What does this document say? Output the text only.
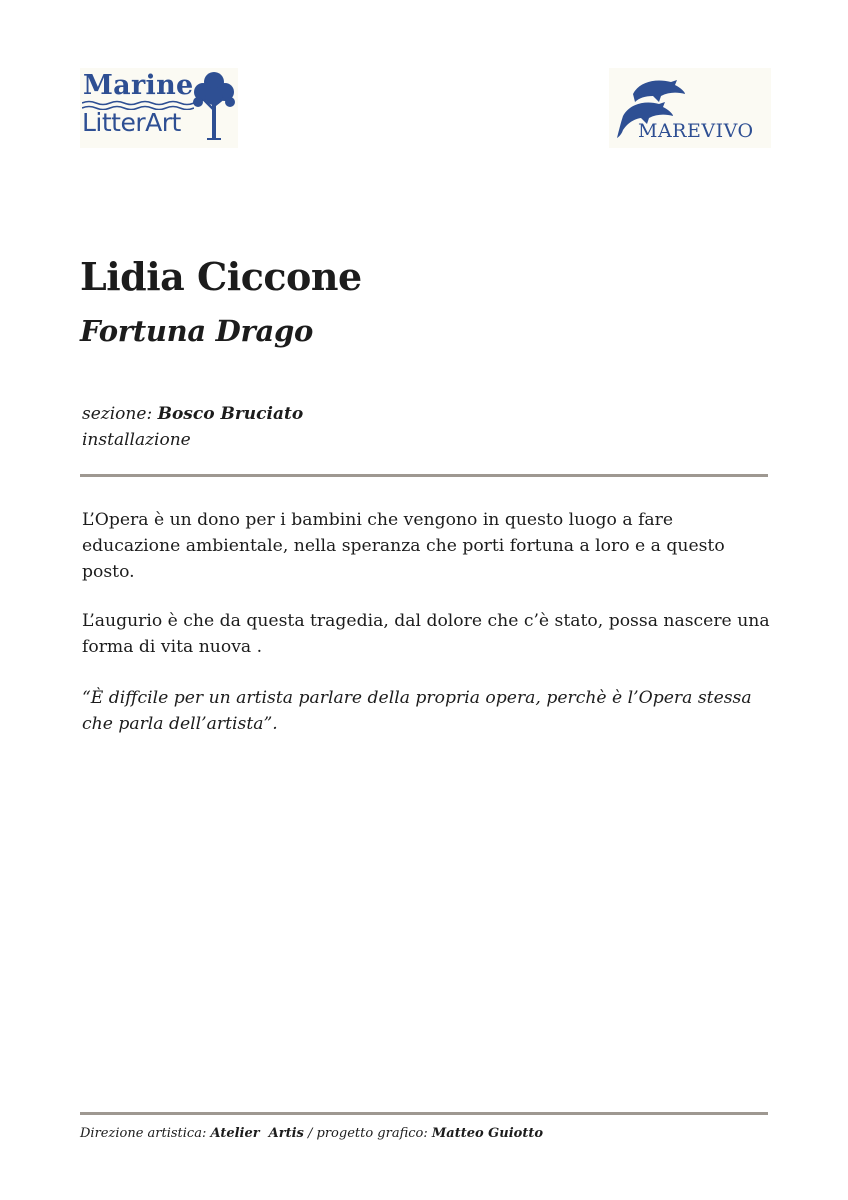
Marine
LitterArt	MAREVIVO
Lidia Ciccone
Fortuna Drago
sezione: Bosco Bruciato
installazione

L’Opera è un dono per i bambini che vengono in questo luogo a fare educazione ambientale, nella speranza che porti fortuna a loro e a questo posto.

L’augurio è che da questa tragedia, dal dolore che c’è stato, possa nascere una forma di vita nuova .

“È diffcile per un artista parlare della propria opera, perchè è l’Opera stessa che parla dell’artista”.

Direzione artistica: Atelier  Artis / progetto grafico: Matteo Guiotto
